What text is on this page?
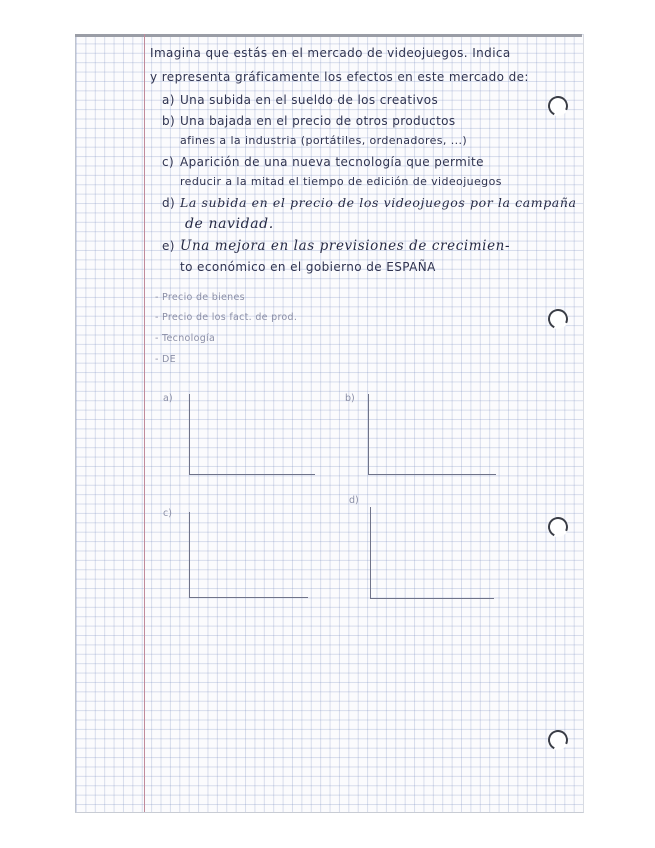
Imagina que estás en el mercado de videojuegos. Indica
y representa gráficamente los efectos en este mercado de:
a) Una subida en el sueldo de los creativos
b) Una bajada en el precio de otros productos
afines a la industria (portátiles, ordenadores, ...)
c) Aparición de una nueva tecnología que permite
reducir a la mitad el tiempo de edición de videojuegos
d) La subida en el precio de los videojuegos por la campaña
de navidad.
e) Una mejora en las previsiones de crecimien-
to económico en el gobierno de ESPAÑA
- Precio de bienes
- Precio de los fact. de prod.
- Tecnología
- DE
a)	b)
c)
d)
